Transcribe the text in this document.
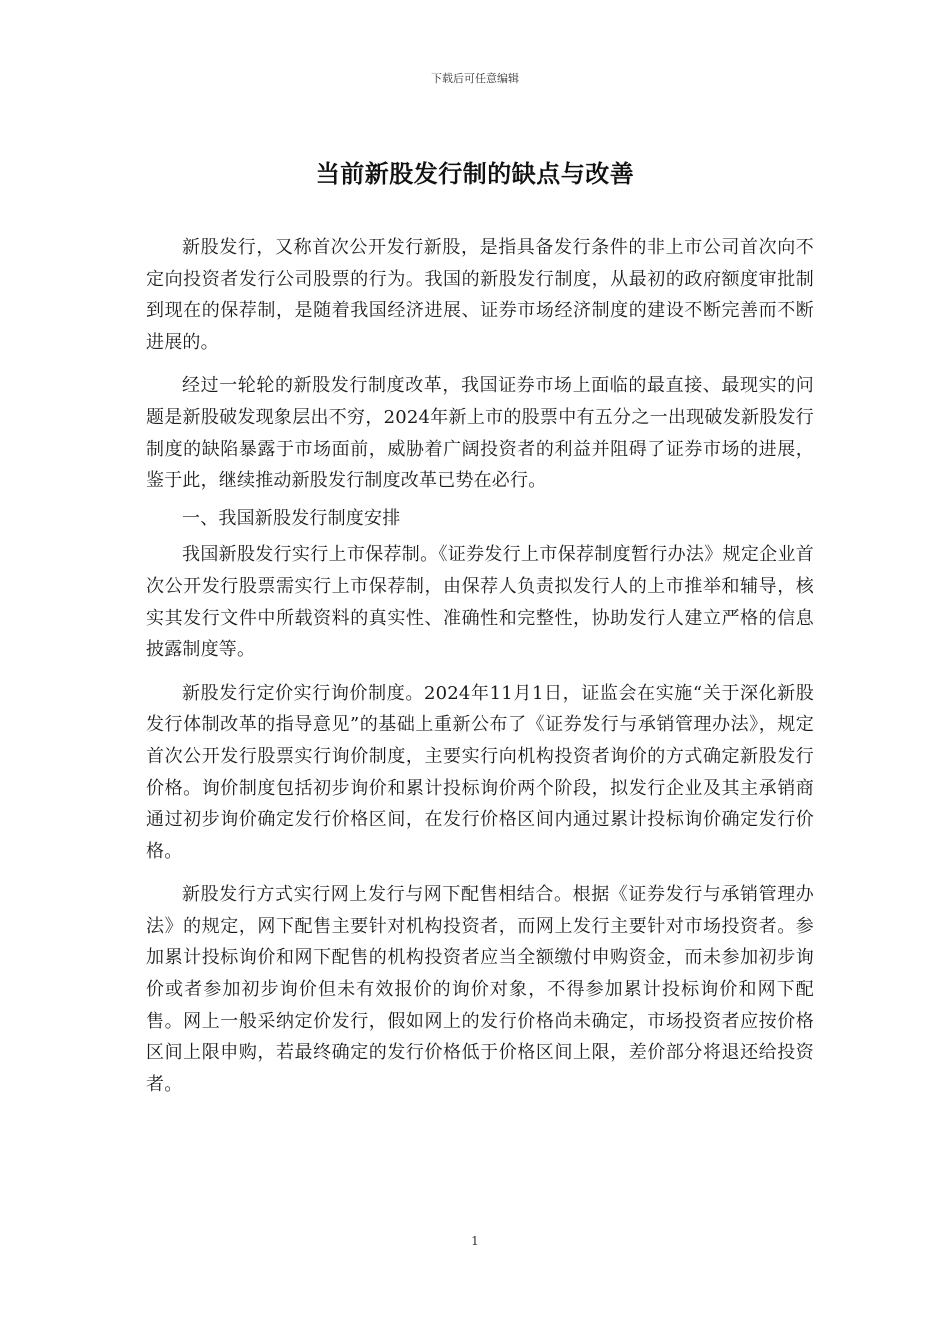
下载后可任意编辑
当前新股发行制的缺点与改善

新股发行，又称首次公开发行新股，是指具备发行条件的非上市公司首次向不定向投资者发行公司股票的行为。我国的新股发行制度，从最初的政府额度审批制到现在的保荐制，是随着我国经济进展、证券市场经济制度的建设不断完善而不断进展的。

经过一轮轮的新股发行制度改革，我国证券市场上面临的最直接、最现实的问题是新股破发现象层出不穷，2024年新上市的股票中有五分之一出现破发新股发行制度的缺陷暴露于市场面前，威胁着广阔投资者的利益并阻碍了证券市场的进展，鉴于此，继续推动新股发行制度改革已势在必行。

一、我国新股发行制度安排

我国新股发行实行上市保荐制。《证券发行上市保荐制度暂行办法》规定企业首次公开发行股票需实行上市保荐制，由保荐人负责拟发行人的上市推举和辅导，核实其发行文件中所载资料的真实性、准确性和完整性，协助发行人建立严格的信息披露制度等。

新股发行定价实行询价制度。2024年11月1日，证监会在实施“关于深化新股发行体制改革的指导意见”的基础上重新公布了《证券发行与承销管理办法》，规定首次公开发行股票实行询价制度，主要实行向机构投资者询价的方式确定新股发行价格。询价制度包括初步询价和累计投标询价两个阶段，拟发行企业及其主承销商通过初步询价确定发行价格区间，在发行价格区间内通过累计投标询价确定发行价格。

新股发行方式实行网上发行与网下配售相结合。根据《证券发行与承销管理办法》的规定，网下配售主要针对机构投资者，而网上发行主要针对市场投资者。参加累计投标询价和网下配售的机构投资者应当全额缴付申购资金，而未参加初步询价或者参加初步询价但未有效报价的询价对象，不得参加累计投标询价和网下配售。网上一般采纳定价发行，假如网上的发行价格尚未确定，市场投资者应按价格区间上限申购，若最终确定的发行价格低于价格区间上限，差价部分将退还给投资者。

1
